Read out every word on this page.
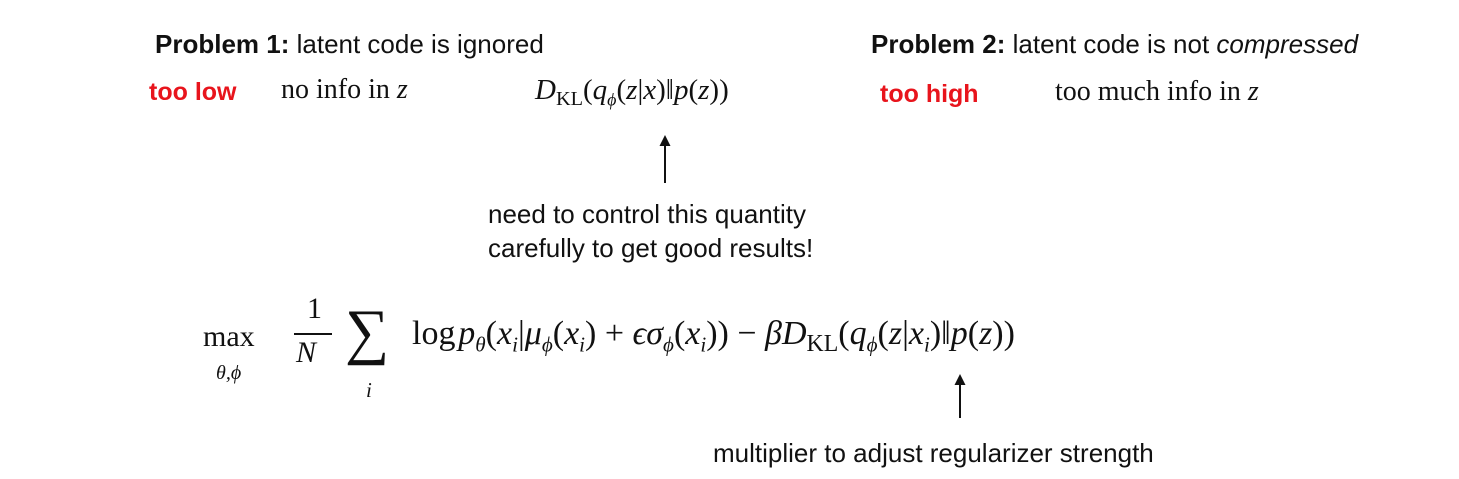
Problem 1: latent code is ignored	Problem 2: latent code is not compressed
too low no info in z	$D_{KL}(q_\phi(z|x)‖p(z))$	too high	too much info in z
need to control this quantity
carefully to get good results!
max
θ,ϕ
1
N ∑
i
log $p_\theta(x_i|\mu_\phi(x_i) + \epsilon\sigma_\phi(x_i))$ − $\beta D_{KL}(q_\phi(z|x_i)‖p(z))$
multiplier to adjust regularizer strength
